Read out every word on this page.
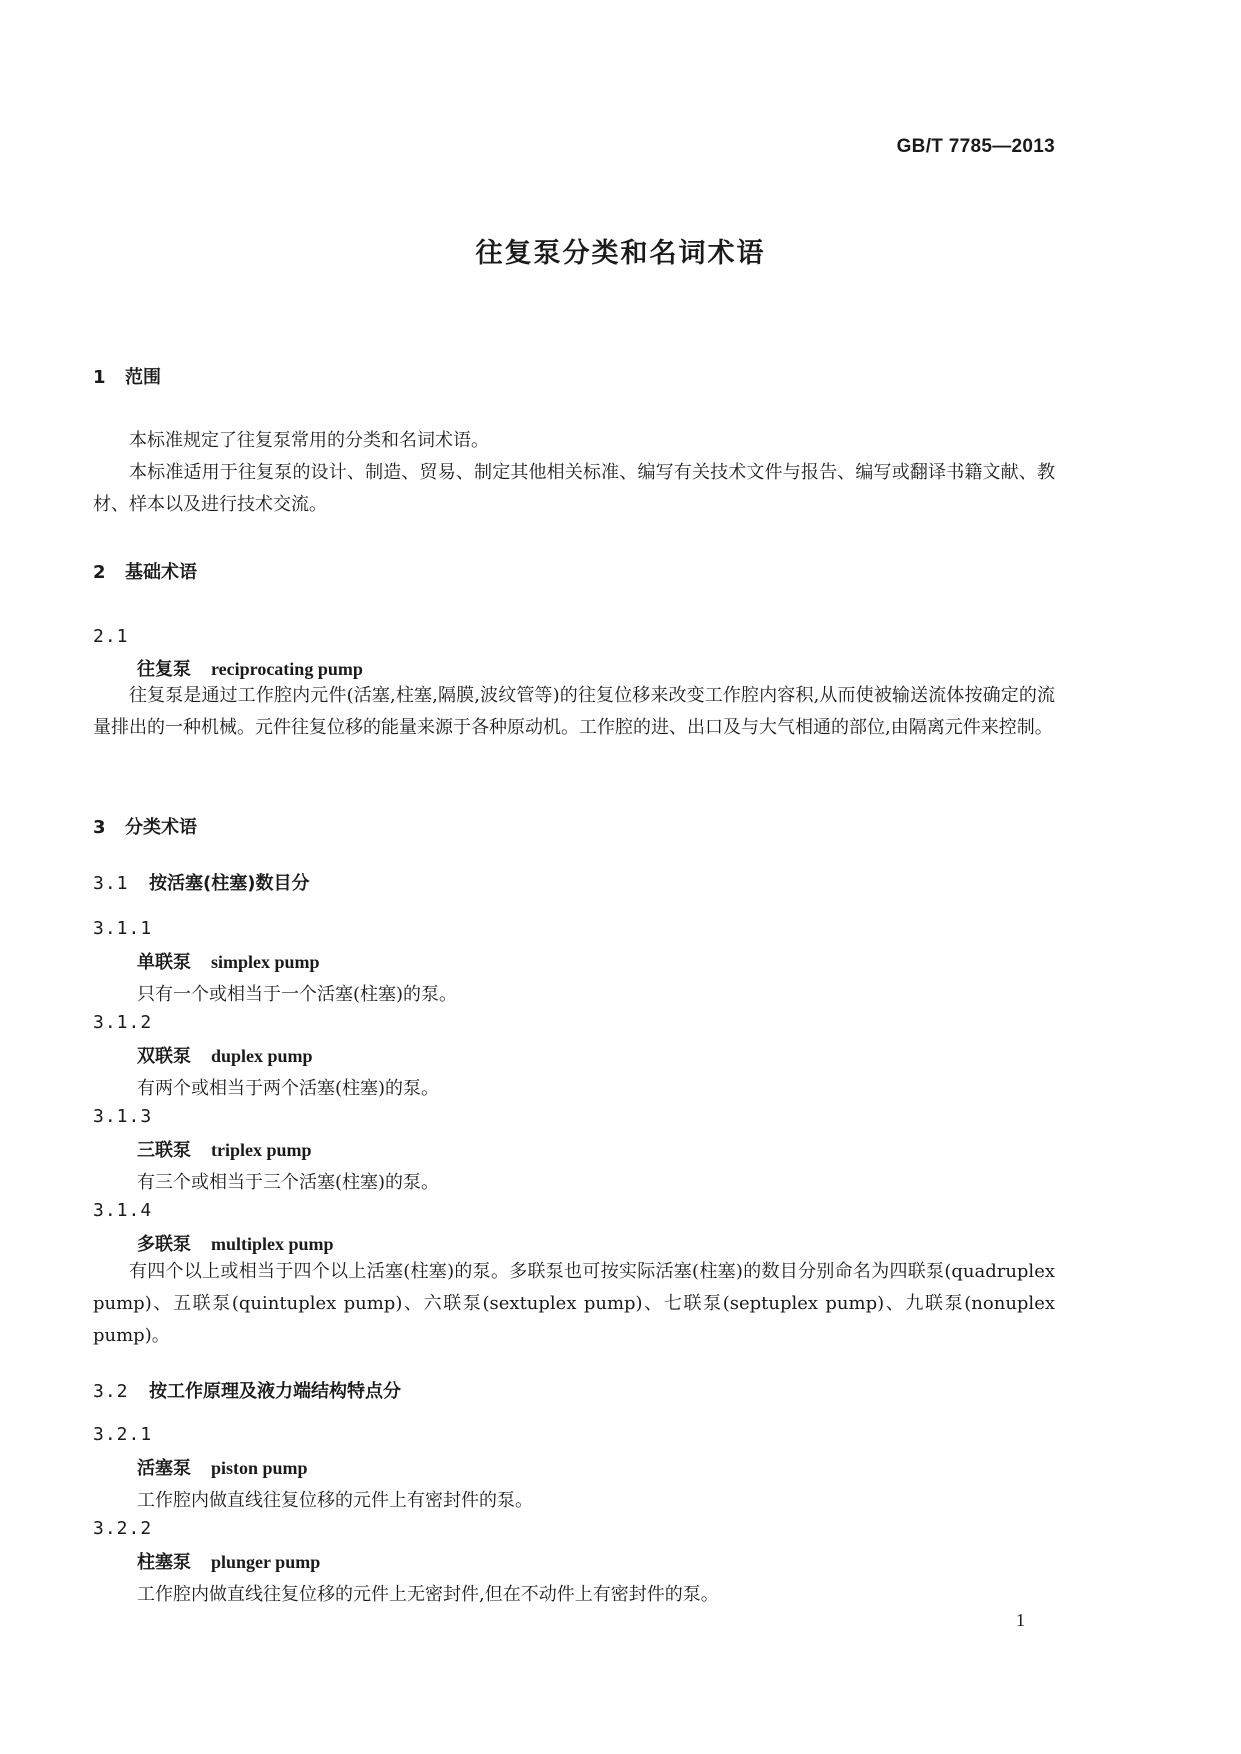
GB/T 7785—2013
往复泵分类和名词术语
1 范围
本标准规定了往复泵常用的分类和名词术语。
本标准适用于往复泵的设计、制造、贸易、制定其他相关标准、编写有关技术文件与报告、编写或翻译书籍文献、教材、样本以及进行技术交流。
2 基础术语
2.1
往复泵 reciprocating pump
往复泵是通过工作腔内元件(活塞,柱塞,隔膜,波纹管等)的往复位移来改变工作腔内容积,从而使被输送流体按确定的流量排出的一种机械。元件往复位移的能量来源于各种原动机。工作腔的进、出口及与大气相通的部位,由隔离元件来控制。
3 分类术语
3.1 按活塞(柱塞)数目分
3.1.1
单联泵 simplex pump
只有一个或相当于一个活塞(柱塞)的泵。
3.1.2
双联泵 duplex pump
有两个或相当于两个活塞(柱塞)的泵。
3.1.3
三联泵 triplex pump
有三个或相当于三个活塞(柱塞)的泵。
3.1.4
多联泵 multiplex pump
有四个以上或相当于四个以上活塞(柱塞)的泵。多联泵也可按实际活塞(柱塞)的数目分别命名为四联泵(quadruplex pump)、五联泵(quintuplex pump)、六联泵(sextuplex pump)、七联泵(septuplex pump)、九联泵(nonuplex pump)。
3.2 按工作原理及液力端结构特点分
3.2.1
活塞泵 piston pump
工作腔内做直线往复位移的元件上有密封件的泵。
3.2.2
柱塞泵 plunger pump
工作腔内做直线往复位移的元件上无密封件,但在不动件上有密封件的泵。
1
